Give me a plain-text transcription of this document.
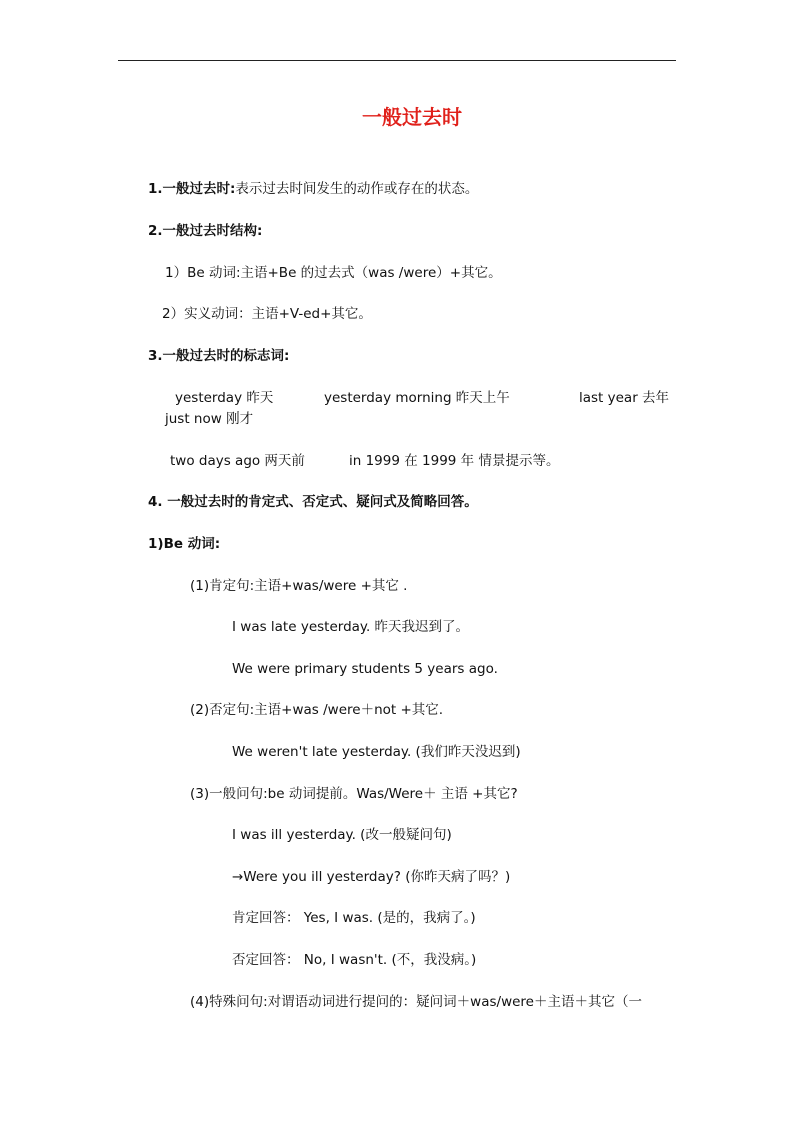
一般过去时
1.一般过去时:表示过去时间发生的动作或存在的状态。
2.一般过去时结构:
1）Be 动词:主语+Be 的过去式（was /were）+其它。
2）实义动词：主语+V-ed+其它。
3.一般过去时的标志词:
yesterday 昨天	yesterday morning 昨天上午	last year 去年
just now 刚才
two days ago 两天前	in 1999 在 1999 年 情景提示等。
4. 一般过去时的肯定式、否定式、疑问式及简略回答。
1)Be 动词:
(1)肯定句:主语+was/were +其它 .
I was late yesterday. 昨天我迟到了。
We were primary students 5 years ago.
(2)否定句:主语+was /were＋not +其它.
We weren't late yesterday. (我们昨天没迟到)
(3)一般问句:be 动词提前。Was/Were＋ 主语 +其它?
I was ill yesterday. (改一般疑问句)
→Were you ill yesterday? (你昨天病了吗？)
肯定回答： Yes, I was. (是的，我病了。)
否定回答： No, I wasn't. (不，我没病。)
(4)特殊问句:对谓语动词进行提问的：疑问词＋was/were＋主语＋其它（一
